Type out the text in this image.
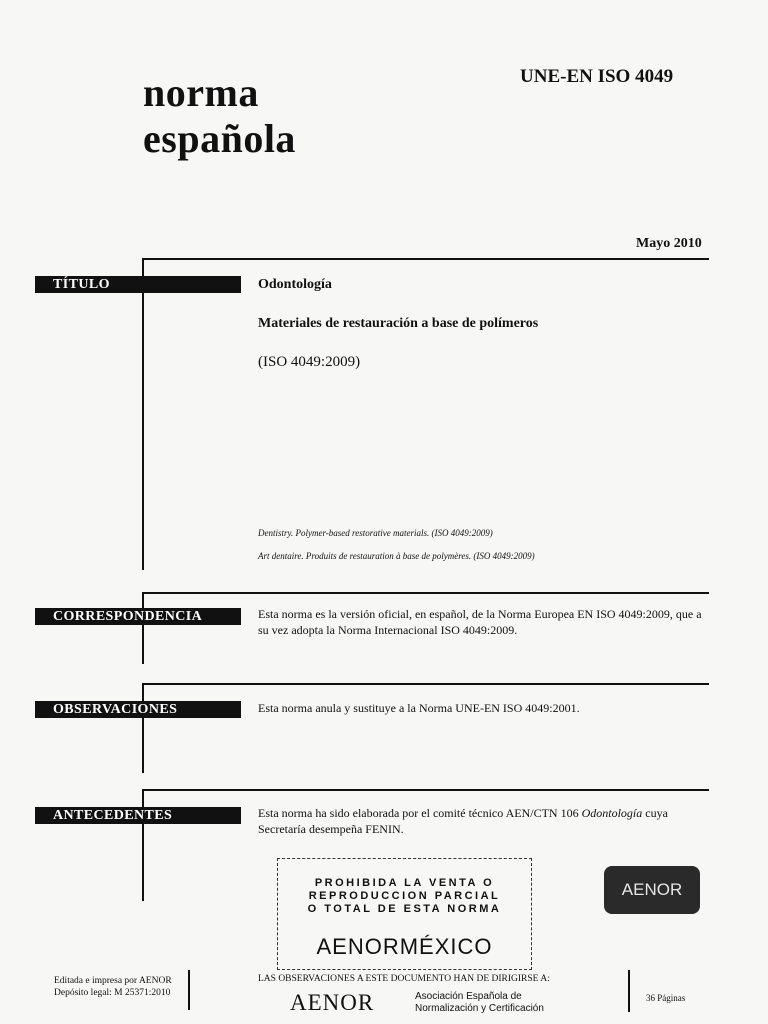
norma
española
UNE-EN ISO 4049
Mayo 2010
TÍTULO	Odontología
Materiales de restauración a base de polímeros
(ISO 4049:2009)
Dentistry. Polymer-based restorative materials. (ISO 4049:2009)
Art dentaire. Produits de restauration à base de polymères. (ISO 4049:2009)
CORRESPONDENCIA	Esta norma es la versión oficial, en español, de la Norma Europea EN ISO 4049:2009, que a su vez adopta la Norma Internacional ISO 4049:2009.
OBSERVACIONES	Esta norma anula y sustituye a la Norma UNE-EN ISO 4049:2001.
ANTECEDENTES	Esta norma ha sido elaborada por el comité técnico AEN/CTN 106 Odontología cuya Secretaría desempeña FENIN.
PROHIBIDA LA VENTA O
REPRODUCCION PARCIAL
O TOTAL DE ESTA NORMA
AENORMÉXICO
AENOR
Editada e impresa por AENOR
Depósito legal: M 25371:2010
LAS OBSERVACIONES A ESTE DOCUMENTO HAN DE DIRIGIRSE A:
AENOR	Asociación Española de
Normalización y Certificación
36 Páginas
